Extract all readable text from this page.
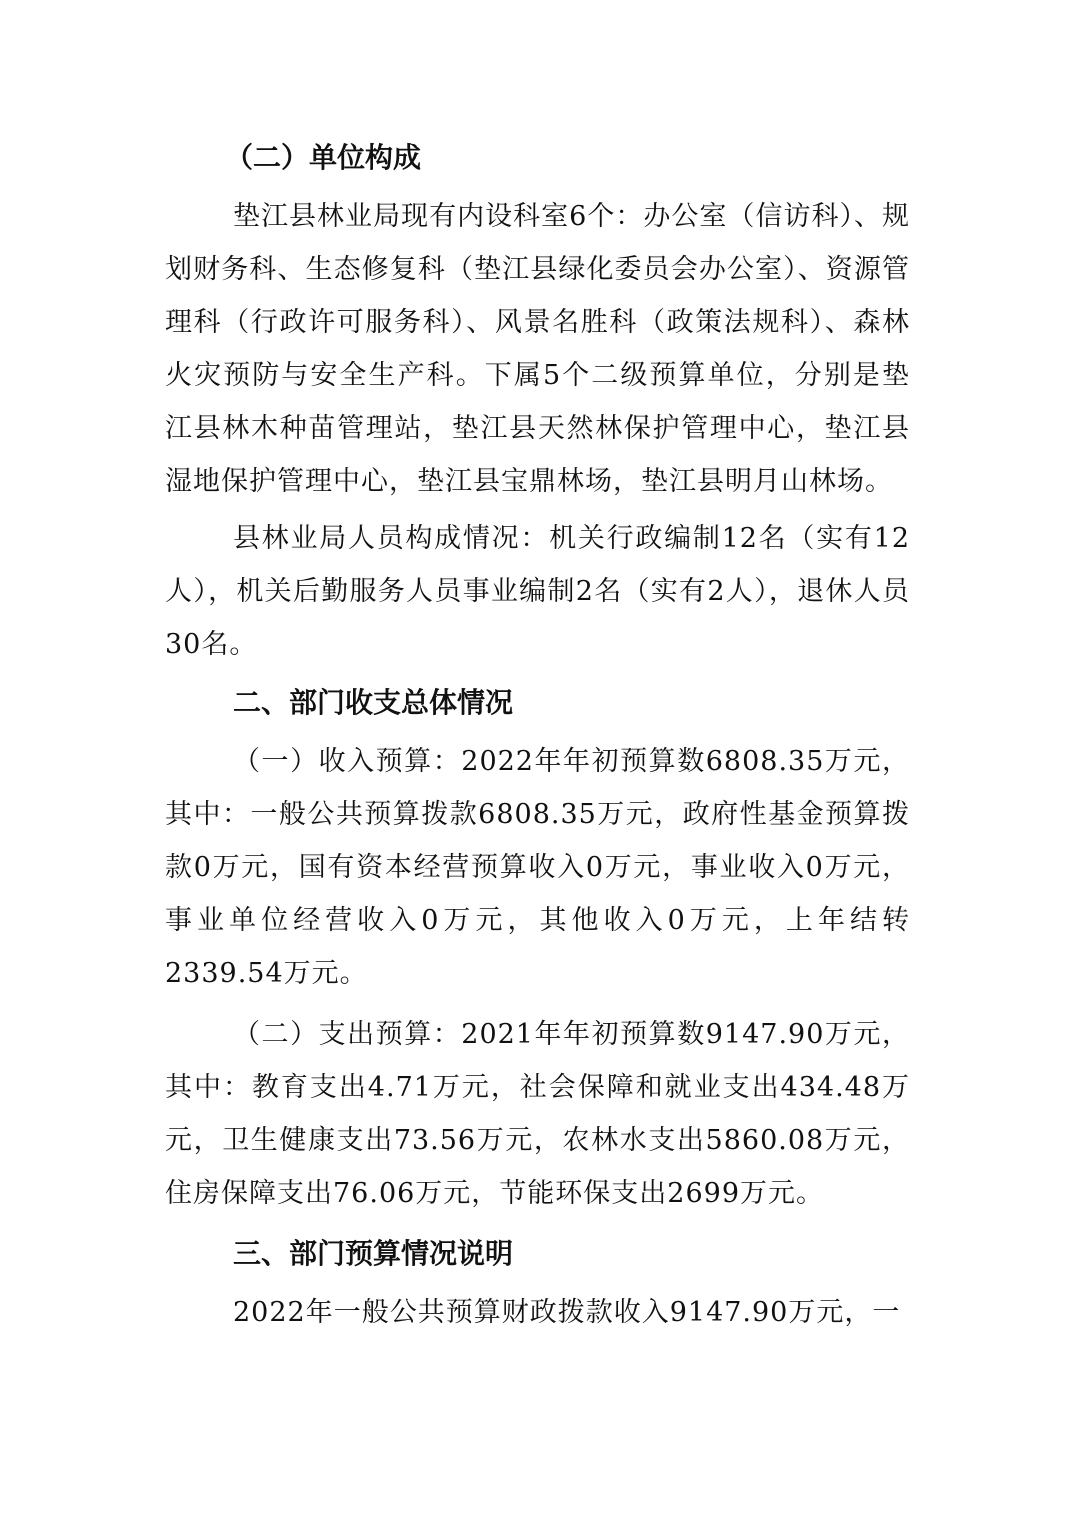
（二）单位构成

垫江县林业局现有内设科室6个：办公室（信访科）、规划财务科、生态修复科（垫江县绿化委员会办公室）、资源管理科（行政许可服务科）、风景名胜科（政策法规科）、森林火灾预防与安全生产科。下属5个二级预算单位，分别是垫江县林木种苗管理站，垫江县天然林保护管理中心，垫江县湿地保护管理中心，垫江县宝鼎林场，垫江县明月山林场。

县林业局人员构成情况：机关行政编制12名（实有12人），机关后勤服务人员事业编制2名（实有2人），退休人员30名。

二、部门收支总体情况

（一）收入预算：2022年年初预算数6808.35万元，其中：一般公共预算拨款6808.35万元，政府性基金预算拨款0万元，国有资本经营预算收入0万元，事业收入0万元，事业单位经营收入0万元，其他收入0万元，上年结转2339.54万元。

（二）支出预算：2021年年初预算数9147.90万元，其中：教育支出4.71万元，社会保障和就业支出434.48万元，卫生健康支出73.56万元，农林水支出5860.08万元，住房保障支出76.06万元，节能环保支出2699万元。

三、部门预算情况说明

2022年一般公共预算财政拨款收入9147.90万元，一
